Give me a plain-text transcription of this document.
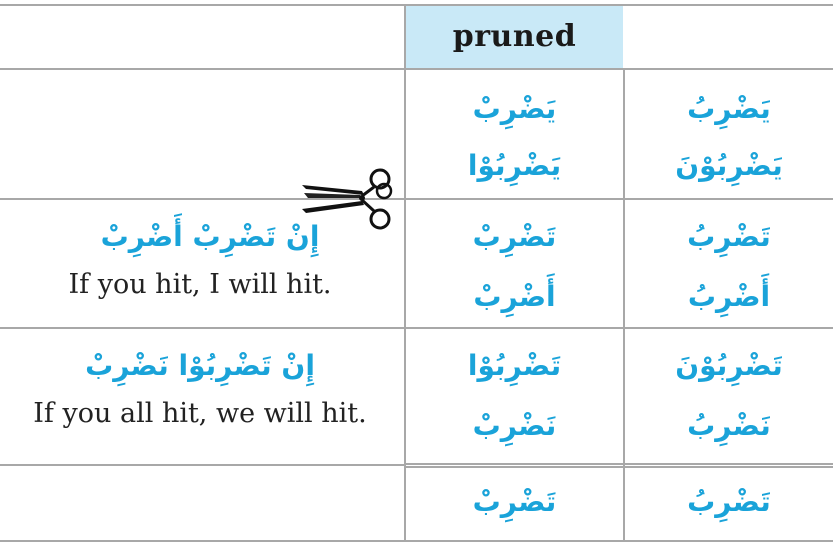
pruned
يَضْرِبُ
يَضْرِبُوْنَ
يَضْرِبْ
يَضْرِبُوْا
تَضْرِبُ
أَضْرِبُ
تَضْرِبْ
أَضْرِبْ
إِنْ تَضْرِبْ أَضْرِبْ
If you hit, I will hit.
تَضْرِبُوْنَ
نَضْرِبُ
تَضْرِبُوْا
نَضْرِبْ
إِنْ تَضْرِبُوْا نَضْرِبْ
If you all hit, we will hit.
تَضْرِبُ
تَضْرِبْ
